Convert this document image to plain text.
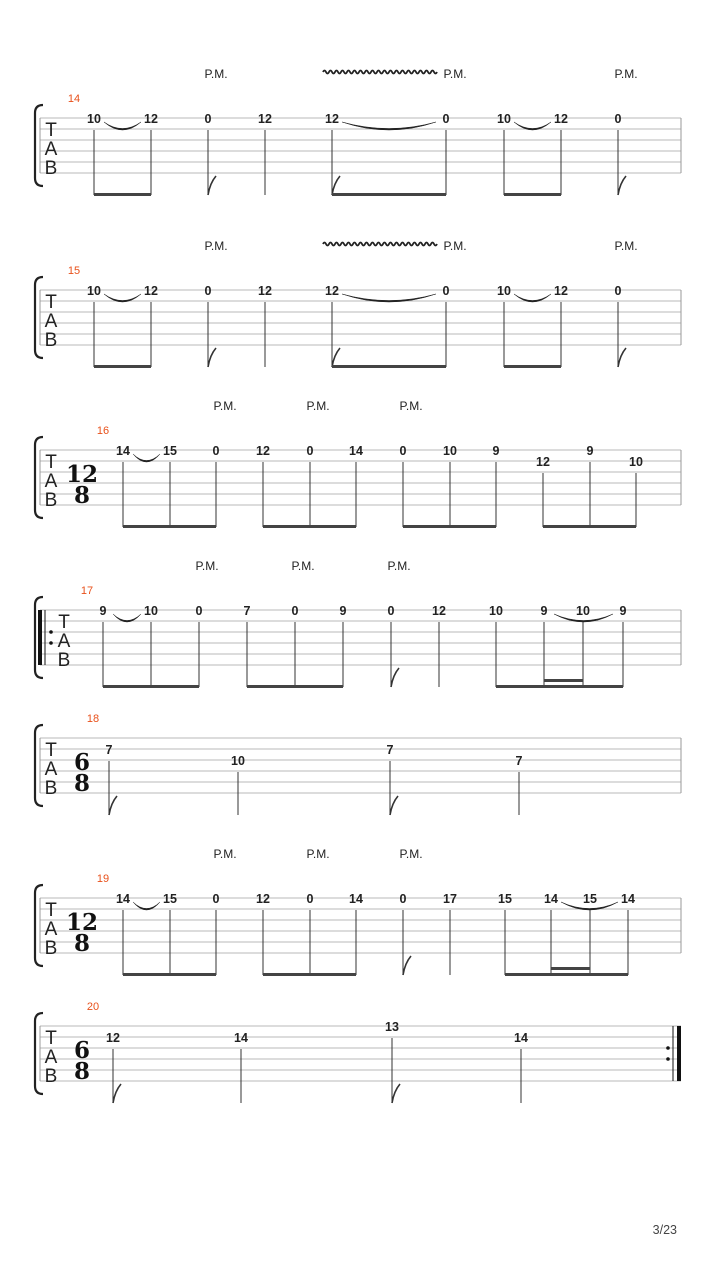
P.M.	P.M.	P.M.
14
T
A
B
10	12	0	12	12	0	10	12	0
P.M.	P.M.	P.M.
15
T
A
B
10	12	0	12	12	0	10	12	0
P.M.	P.M.	P.M.
16
T
A
B
12
8
14	15	0	12	0	14	0	10	9
12
9
10
P.M.	P.M.	P.M.
17
T
A
B
9	10	0	7	0	9	0	12	10	9 10 9
18
T
A
B
6
8
7
10
7
7
P.M.	P.M.	P.M.
19
T
A
B
12
8
14	15	0	12	0	14	0	17	15	14 15 14
20
T
A
B
6
8
12	14
13
14
3/23
